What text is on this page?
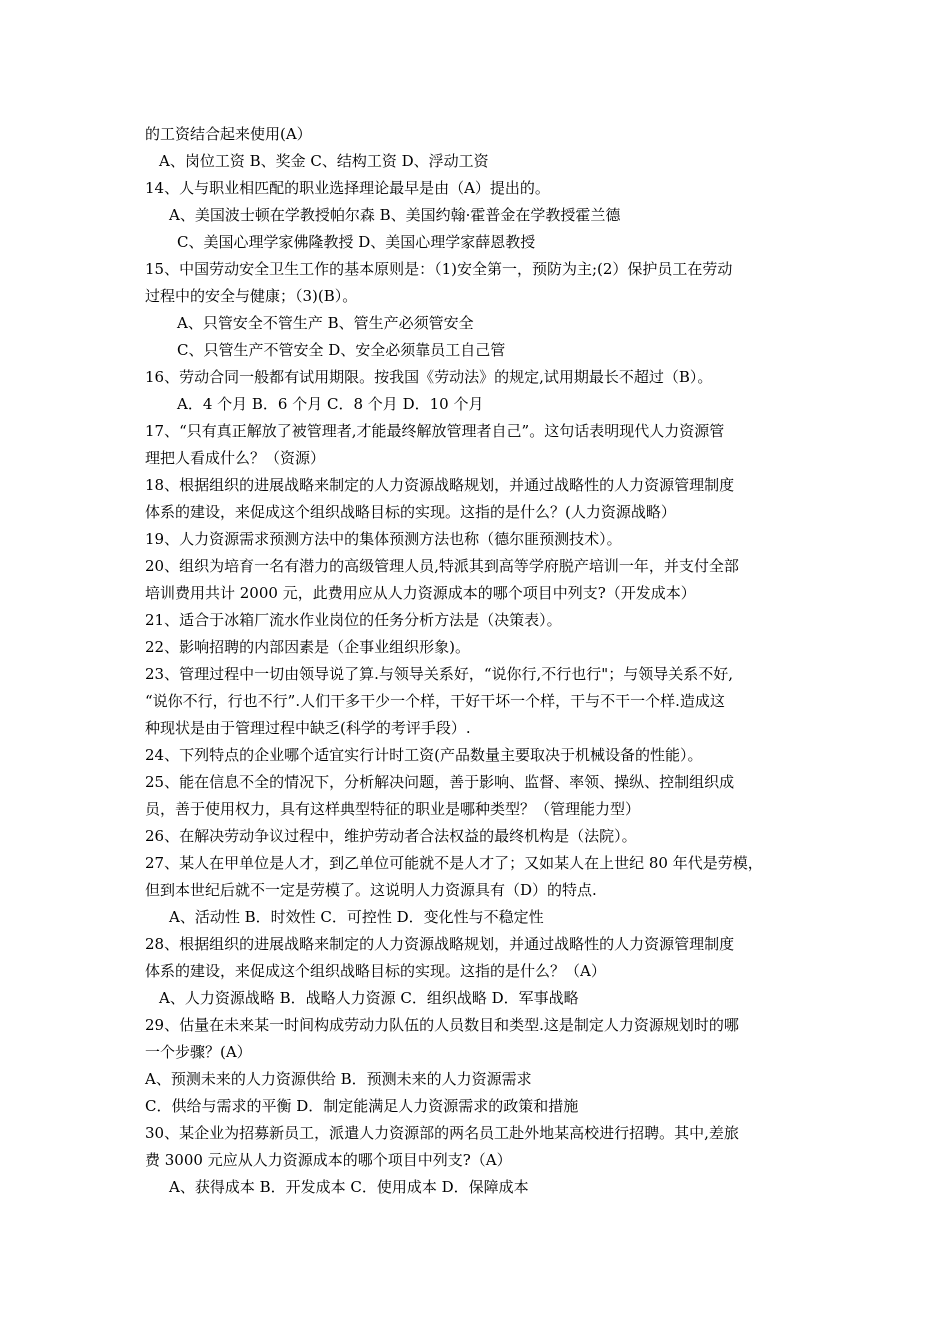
的工资结合起来使用(A）
A、岗位工资 B、奖金 C、结构工资 D、浮动工资
14、人与职业相匹配的职业选择理论最早是由（A）提出的。
A、美国波士顿在学教授帕尔森 B、美国约翰·霍普金在学教授霍兰德
C、美国心理学家佛隆教授 D、美国心理学家薛恩教授
15、中国劳动安全卫生工作的基本原则是：（1)安全第一，预防为主;(2）保护员工在劳动
过程中的安全与健康；（3)(B）。
A、只管安全不管生产 B、管生产必须管安全
C、只管生产不管安全 D、安全必须靠员工自己管
16、劳动合同一般都有试用期限。按我国《劳动法》的规定,试用期最长不超过（B）。
A．4 个月 B．6 个月 C．8 个月 D．10 个月
17、“只有真正解放了被管理者,才能最终解放管理者自己”。这句话表明现代人力资源管
理把人看成什么？（资源）
18、根据组织的进展战略来制定的人力资源战略规划，并通过战略性的人力资源管理制度
体系的建设，来促成这个组织战略目标的实现。这指的是什么？(人力资源战略）
19、人力资源需求预测方法中的集体预测方法也称（德尔匪预测技术）。
20、组织为培育一名有潜力的高级管理人员,特派其到高等学府脱产培训一年，并支付全部
培训费用共计 2000 元，此费用应从人力资源成本的哪个项目中列支?（开发成本）
21、适合于冰箱厂流水作业岗位的任务分析方法是（决策表）。
22、影响招聘的内部因素是（企事业组织形象)。
23、管理过程中一切由领导说了算.与领导关系好，“说你行,不行也行"；与领导关系不好,
“说你不行，行也不行”.人们干多干少一个样，干好干坏一个样，干与不干一个样.造成这
种现状是由于管理过程中缺乏(科学的考评手段）.
24、下列特点的企业哪个适宜实行计时工资(产品数量主要取决于机械设备的性能）。
25、能在信息不全的情况下，分析解决问题，善于影响、监督、率领、操纵、控制组织成
员，善于使用权力，具有这样典型特征的职业是哪种类型？（管理能力型）
26、在解决劳动争议过程中，维护劳动者合法权益的最终机构是（法院）。
27、某人在甲单位是人才，到乙单位可能就不是人才了；又如某人在上世纪 80 年代是劳模，
但到本世纪后就不一定是劳模了。这说明人力资源具有（D）的特点.
A、活动性 B．时效性 C．可控性 D．变化性与不稳定性
28、根据组织的进展战略来制定的人力资源战略规划，并通过战略性的人力资源管理制度
体系的建设，来促成这个组织战略目标的实现。这指的是什么？（A）
A、人力资源战略 B．战略人力资源 C．组织战略 D．军事战略
29、估量在未来某一时间构成劳动力队伍的人员数目和类型.这是制定人力资源规划时的哪
一个步骤？(A）
A、预测未来的人力资源供给 B．预测未来的人力资源需求
C．供给与需求的平衡 D．制定能满足人力资源需求的政策和措施
30、某企业为招募新员工，派遣人力资源部的两名员工赴外地某高校进行招聘。其中,差旅
费 3000 元应从人力资源成本的哪个项目中列支?（A）
A、获得成本 B．开发成本 C．使用成本 D．保障成本
